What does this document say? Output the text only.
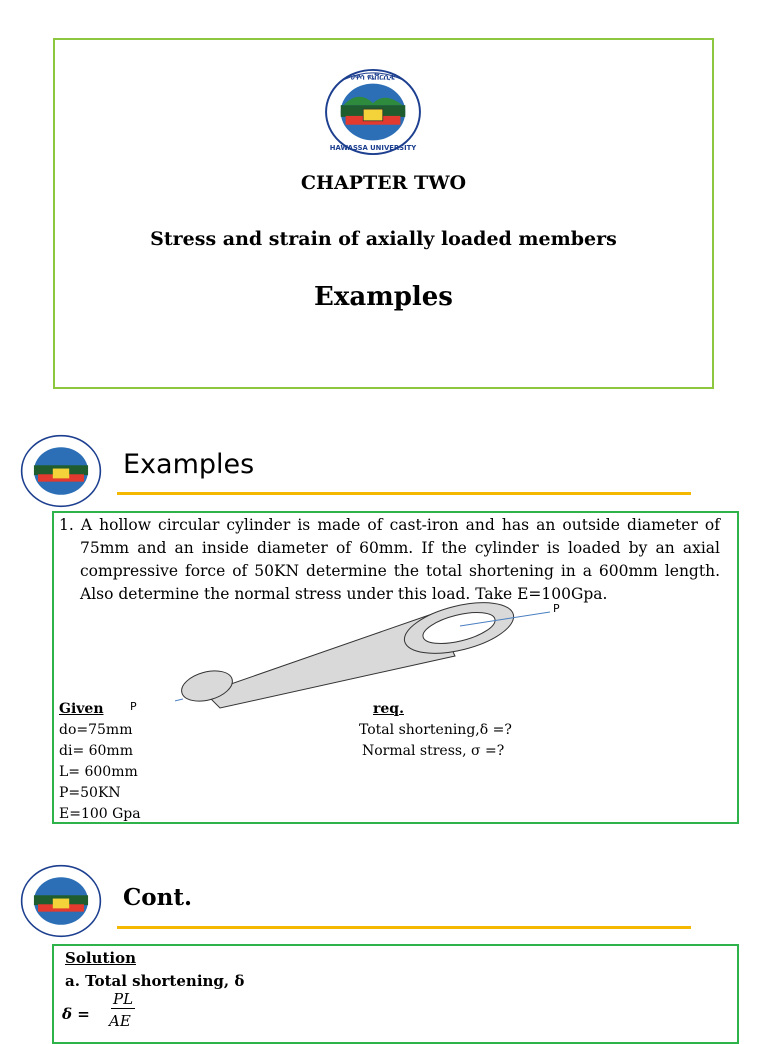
ሀዋሳ ዩኒቨርሲቲ
HAWASSA UNIVERSITY
CHAPTER TWO
Stress and strain of axially loaded members
Examples
Examples
1. A hollow circular cylinder is made of cast-iron and has an outside diameter of 75mm and an inside diameter of 60mm. If the cylinder is loaded by an axial compressive force of 50KN determine the total shortening in a 600mm length. Also determine the normal stress under this load. Take E=100Gpa.
P
P
Given
do=75mm
di= 60mm
L= 600mm
P=50KN
E=100 Gpa
req.
Total shortening,δ =?
Normal stress, σ =?
Cont.
Solution
a. Total shortening, δ
δ =
PL
AE
